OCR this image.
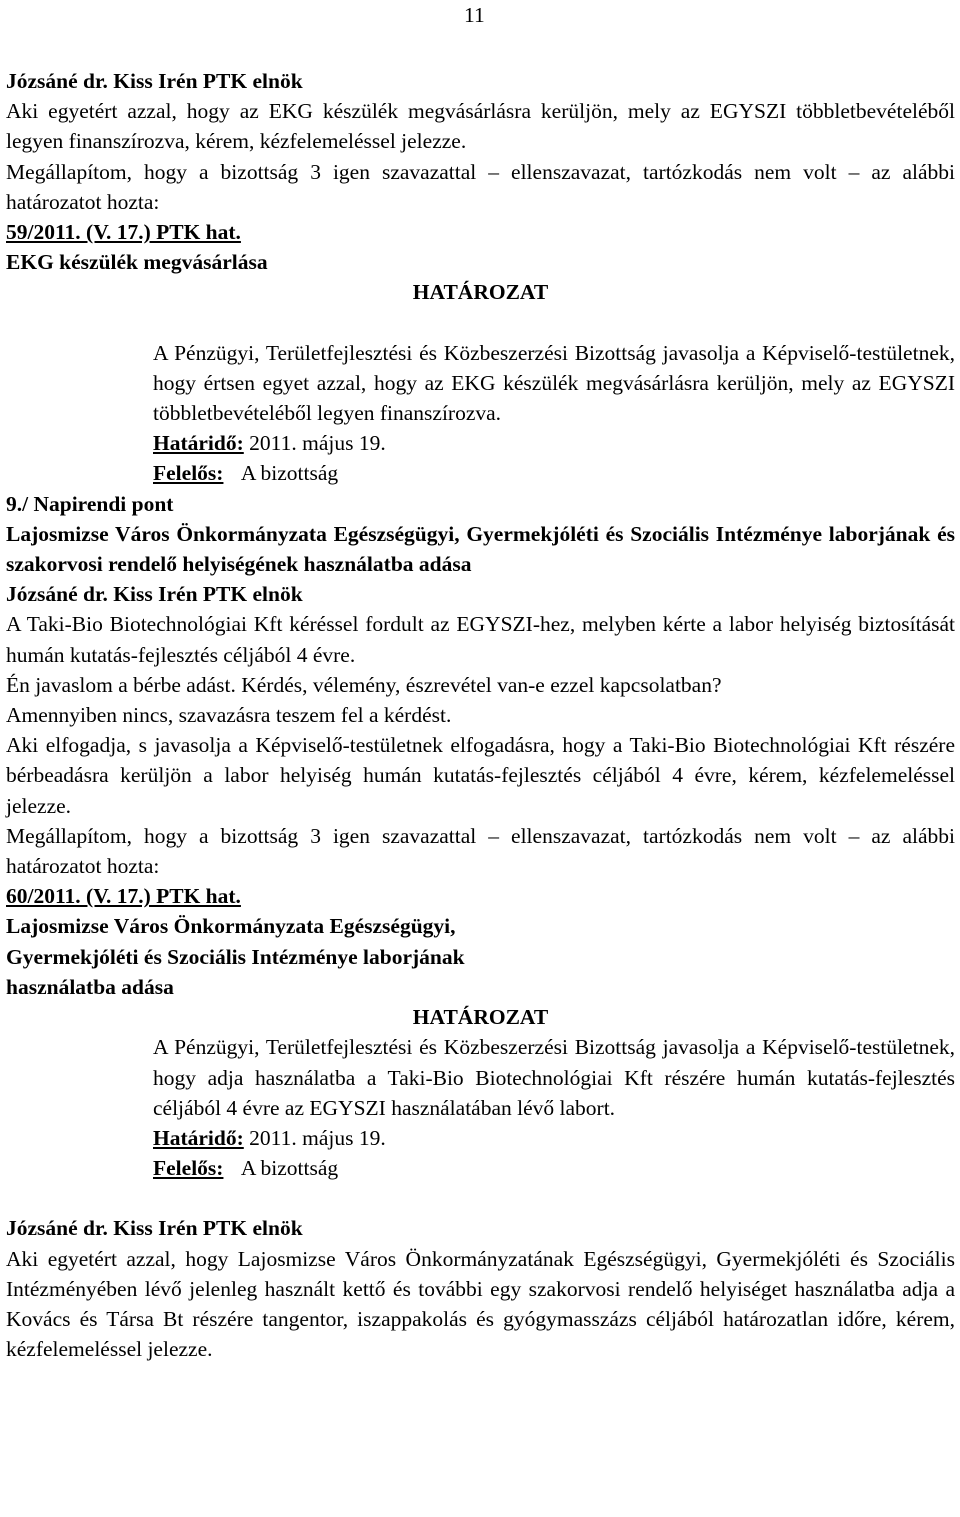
11

Józsáné dr. Kiss Irén PTK elnök

Aki egyetért azzal, hogy az EKG készülék megvásárlásra kerüljön, mely az EGYSZI többletbevételéből legyen finanszírozva, kérem, kézfelemeléssel jelezze.

Megállapítom, hogy a bizottság 3 igen szavazattal – ellenszavazat, tartózkodás nem volt – az alábbi határozatot hozta:

59/2011. (V. 17.) PTK hat.

EKG készülék megvásárlása

HATÁROZAT

A Pénzügyi, Területfejlesztési és Közbeszerzési Bizottság javasolja a Képviselő-testületnek, hogy értsen egyet azzal, hogy az EKG készülék megvásárlásra kerüljön, mely az EGYSZI többletbevételéből legyen finanszírozva.

Határidő: 2011. május 19.

Felelős: A bizottság

9./ Napirendi pont

Lajosmizse Város Önkormányzata Egészségügyi, Gyermekjóléti és Szociális Intézménye laborjának és szakorvosi rendelő helyiségének használatba adása

Józsáné dr. Kiss Irén PTK elnök

A Taki-Bio Biotechnológiai Kft kéréssel fordult az EGYSZI-hez, melyben kérte a labor helyiség biztosítását humán kutatás-fejlesztés céljából 4 évre.

Én javaslom a bérbe adást. Kérdés, vélemény, észrevétel van-e ezzel kapcsolatban?

Amennyiben nincs, szavazásra teszem fel a kérdést.

Aki elfogadja, s javasolja a Képviselő-testületnek elfogadásra, hogy a Taki-Bio Biotechnológiai Kft részére bérbeadásra kerüljön a labor helyiség humán kutatás-fejlesztés céljából 4 évre, kérem, kézfelemeléssel jelezze.

Megállapítom, hogy a bizottság 3 igen szavazattal – ellenszavazat, tartózkodás nem volt – az alábbi határozatot hozta:

60/2011. (V. 17.) PTK hat.

Lajosmizse Város Önkormányzata Egészségügyi,

Gyermekjóléti és Szociális Intézménye laborjának

használatba adása

HATÁROZAT

A Pénzügyi, Területfejlesztési és Közbeszerzési Bizottság javasolja a Képviselő-testületnek, hogy adja használatba a Taki-Bio Biotechnológiai Kft részére humán kutatás-fejlesztés céljából 4 évre az EGYSZI használatában lévő labort.

Határidő: 2011. május 19.

Felelős: A bizottság

Józsáné dr. Kiss Irén PTK elnök

Aki egyetért azzal, hogy Lajosmizse Város Önkormányzatának Egészségügyi, Gyermekjóléti és Szociális Intézményében lévő jelenleg használt kettő és további egy szakorvosi rendelő helyiséget használatba adja a Kovács és Társa Bt részére tangentor, iszappakolás és gyógymasszázs céljából határozatlan időre, kérem, kézfelemeléssel jelezze.
